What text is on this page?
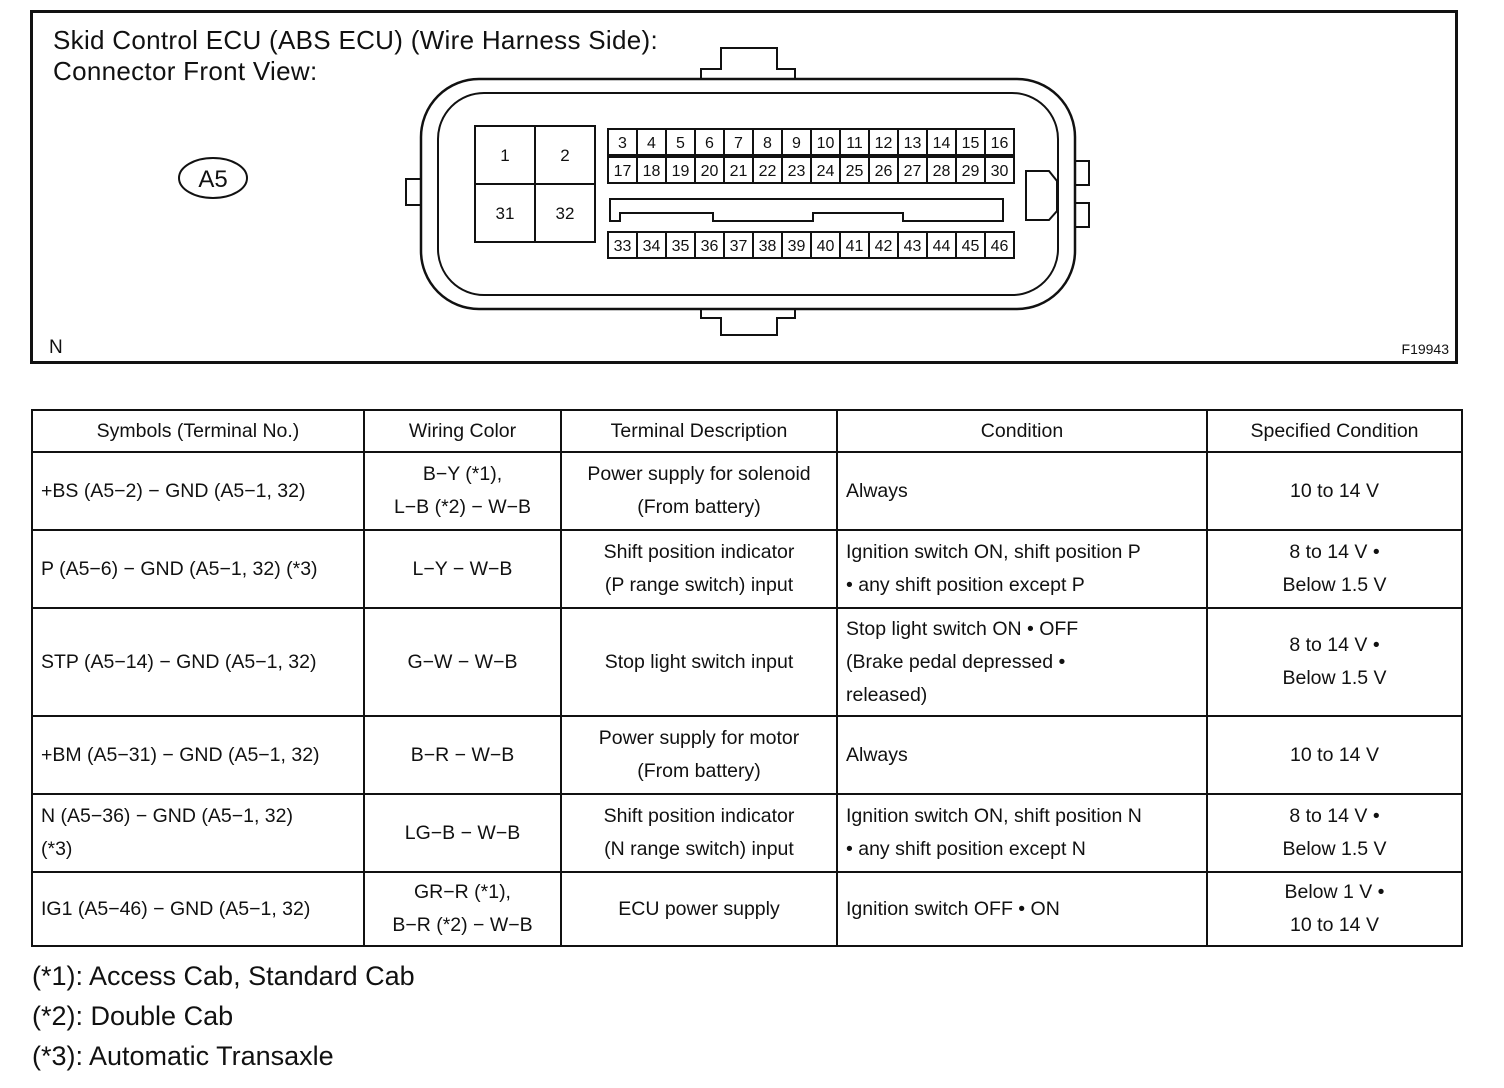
Skid Control ECU (ABS ECU) (Wire Harness Side):
Connector Front View:
A5
1	2
31 32
3 4 5 6 7 8 9 10 11 12 13 14 15 16
17 18 19 20 21 22 23 24 25 26 27 28 29 30
33 34 35 36 37 38 39 40 41 42 43 44 45 46
N	F19943
Symbols (Terminal No.)	Wiring Color	Terminal Description	Condition	Specified Condition

+BS (A5−2) − GND (A5−1, 32)	B−Y (*1),
L−B (*2) − W−B	Power supply for solenoid
(From battery)	Always	10 to 14 V

P (A5−6) − GND (A5−1, 32) (*3)	L−Y − W−B	Shift position indicator
(P range switch) input	Ignition switch ON, shift position P
• any shift position except P	8 to 14 V •
Below 1.5 V

STP (A5−14) − GND (A5−1, 32)	G−W − W−B	Stop light switch input	Stop light switch ON • OFF
(Brake pedal depressed •
released)	8 to 14 V •
Below 1.5 V

+BM (A5−31) − GND (A5−1, 32)	B−R − W−B	Power supply for motor
(From battery)	Always	10 to 14 V

N (A5−36) − GND (A5−1, 32)
(*3)	LG−B − W−B	Shift position indicator
(N range switch) input	Ignition switch ON, shift position N
• any shift position except N	8 to 14 V •
Below 1.5 V

IG1 (A5−46) − GND (A5−1, 32)	GR−R (*1),
B−R (*2) − W−B	ECU power supply	Ignition switch OFF • ON	Below 1 V •
10 to 14 V
(*1): Access Cab, Standard Cab
(*2): Double Cab
(*3): Automatic Transaxle
